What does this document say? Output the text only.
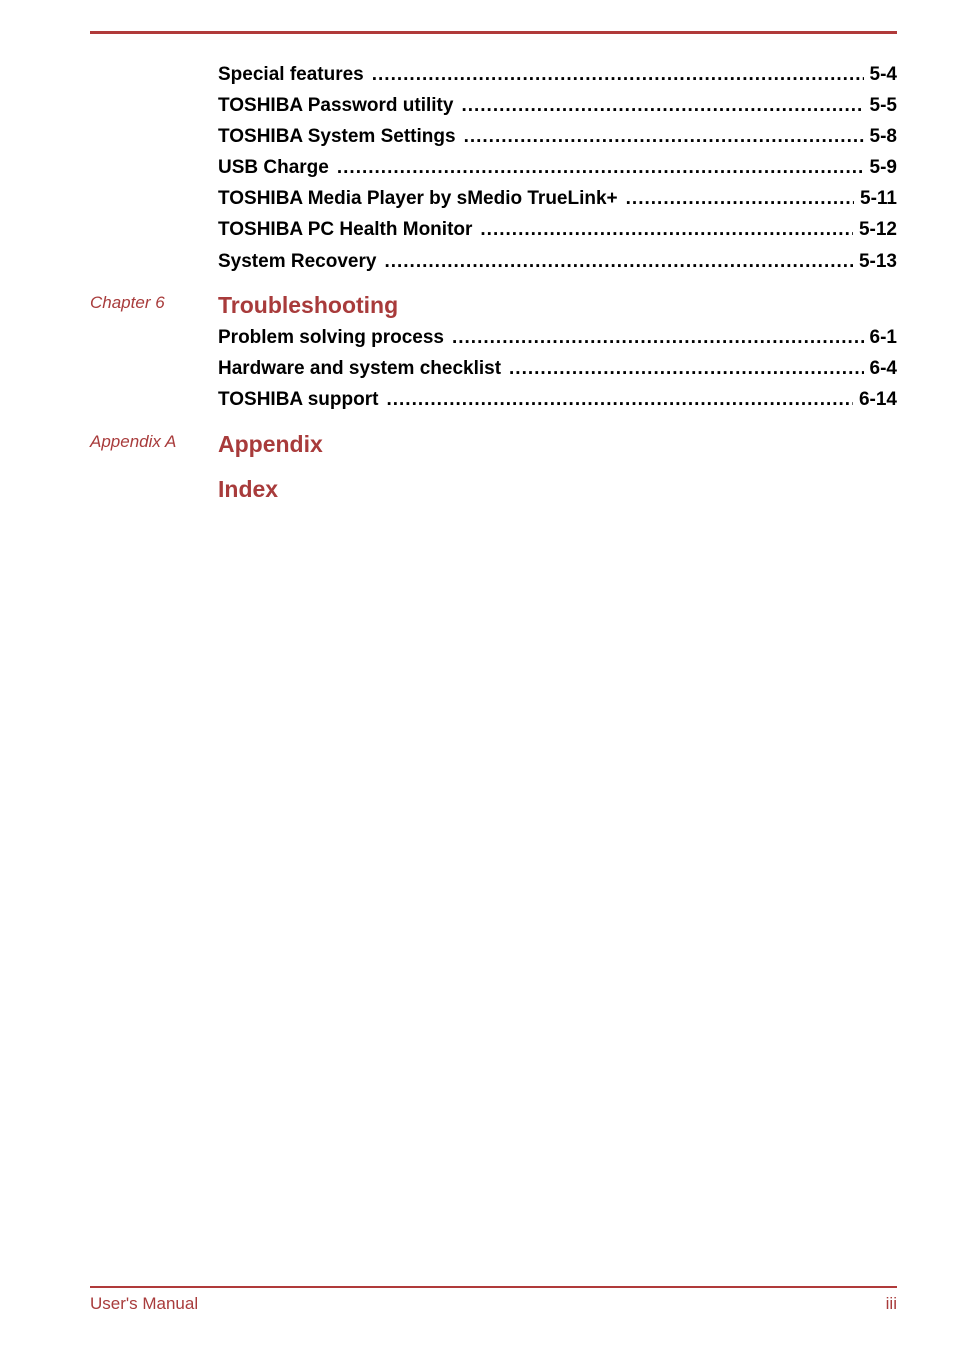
Special features .....	5-4
TOSHIBA Password utility .....	5-5
TOSHIBA System Settings .....	5-8
USB Charge .....	5-9
TOSHIBA Media Player by sMedio TrueLink+ .....	5-11
TOSHIBA PC Health Monitor .....	5-12
System Recovery .....	5-13
Chapter 6 Troubleshooting
Problem solving process .....	6-1
Hardware and system checklist .....	6-4
TOSHIBA support .....	6-14
Appendix A Appendix
Index
User's Manual	iii
